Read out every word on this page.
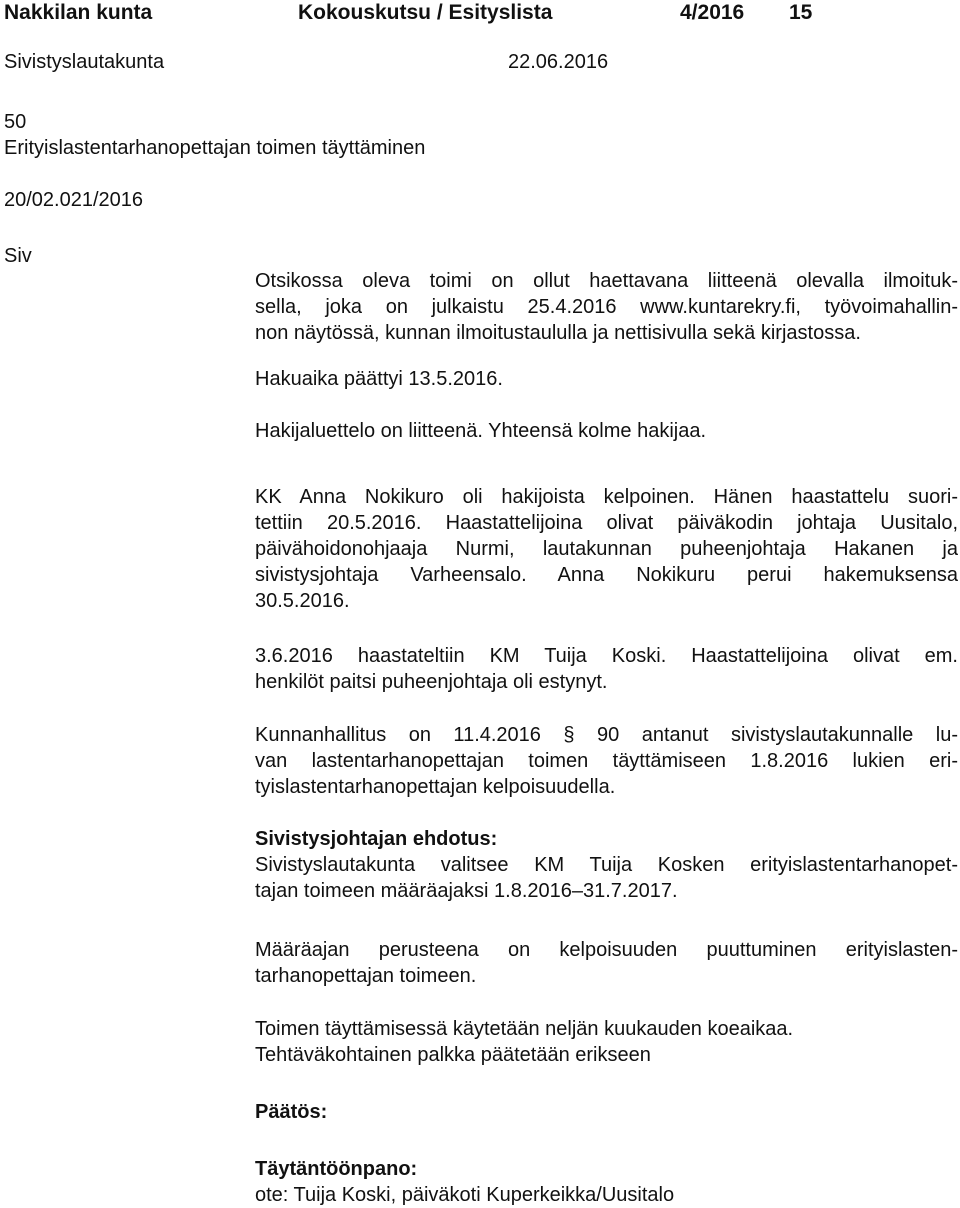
Nakkilan kunta	Kokouskutsu / Esityslista	4/2016 15
Sivistyslautakunta	22.06.2016
50
Erityislastentarhanopettajan toimen täyttäminen
20/02.021/2016
Siv

Otsikossa oleva toimi on ollut haettavana liitteenä olevalla ilmoituk-
sella, joka on julkaistu 25.4.2016 www.kuntarekry.fi, työvoimahallin-
non näytössä, kunnan ilmoitustaululla ja nettisivulla sekä kirjastossa.

Hakuaika päättyi 13.5.2016.

Hakijaluettelo on liitteenä. Yhteensä kolme hakijaa.

KK Anna Nokikuro oli hakijoista kelpoinen. Hänen haastattelu suori-
tettiin 20.5.2016. Haastattelijoina olivat päiväkodin johtaja Uusitalo,
päivähoidonohjaaja Nurmi, lautakunnan puheenjohtaja Hakanen ja
sivistysjohtaja Varheensalo. Anna Nokikuru perui hakemuksensa
30.5.2016.

3.6.2016 haastateltiin KM Tuija Koski. Haastattelijoina olivat em.
henkilöt paitsi puheenjohtaja oli estynyt.

Kunnanhallitus on 11.4.2016 § 90 antanut sivistyslautakunnalle lu-
van lastentarhanopettajan toimen täyttämiseen 1.8.2016 lukien eri-
tyislastentarhanopettajan kelpoisuudella.

Sivistysjohtajan ehdotus:
Sivistyslautakunta valitsee KM Tuija Kosken erityislastentarhanopet-
tajan toimeen määräajaksi 1.8.2016–31.7.2017.

Määräajan perusteena on kelpoisuuden puuttuminen erityislasten-
tarhanopettajan toimeen.

Toimen täyttämisessä käytetään neljän kuukauden koeaikaa.
Tehtäväkohtainen palkka päätetään erikseen

Päätös:

Täytäntöönpano:
ote: Tuija Koski, päiväkoti Kuperkeikka/Uusitalo
